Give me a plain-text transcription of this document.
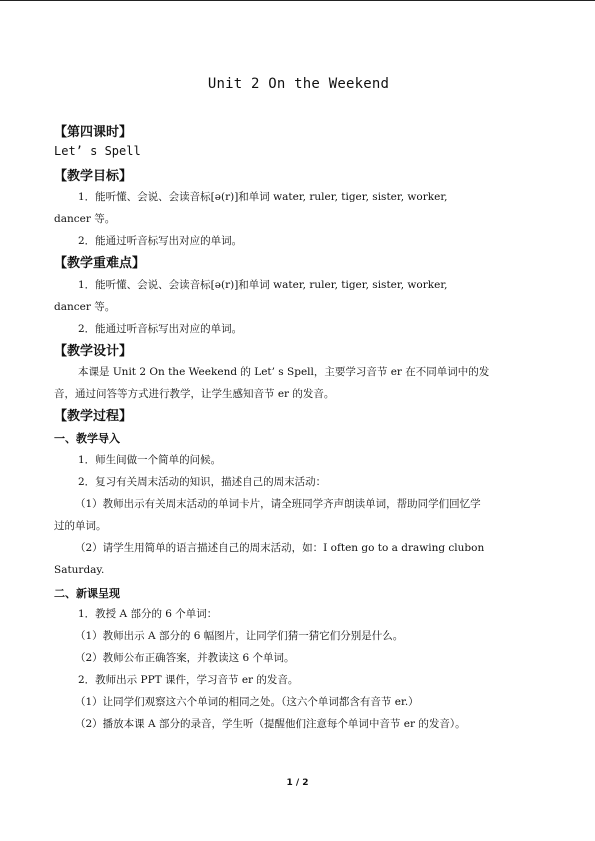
Unit 2 On the Weekend
【第四课时】
Let’ s Spell
【教学目标】
1．能听懂、会说、会读音标[ə(r)]和单词 water, ruler, tiger, sister, worker,
dancer 等。
2．能通过听音标写出对应的单词。
【教学重难点】
1．能听懂、会说、会读音标[ə(r)]和单词 water, ruler, tiger, sister, worker,
dancer 等。
2．能通过听音标写出对应的单词。
【教学设计】
本课是 Unit 2 On the Weekend 的 Let’ s Spell，主要学习音节 er 在不同单词中的发
音，通过问答等方式进行教学，让学生感知音节 er 的发音。
【教学过程】
一、教学导入
1．师生间做一个简单的问候。
2．复习有关周末活动的知识，描述自己的周末活动：
（1）教师出示有关周末活动的单词卡片，请全班同学齐声朗读单词，帮助同学们回忆学
过的单词。
（2）请学生用简单的语言描述自己的周末活动，如：I often go to a drawing clubon
Saturday.
二、新课呈现
1．教授 A 部分的 6 个单词：
（1）教师出示 A 部分的 6 幅图片，让同学们猜一猜它们分别是什么。
（2）教师公布正确答案，并教读这 6 个单词。
2．教师出示 PPT 课件，学习音节 er 的发音。
（1）让同学们观察这六个单词的相同之处。（这六个单词都含有音节 er.）
（2）播放本课 A 部分的录音，学生听（提醒他们注意每个单词中音节 er 的发音）。
1 / 2
